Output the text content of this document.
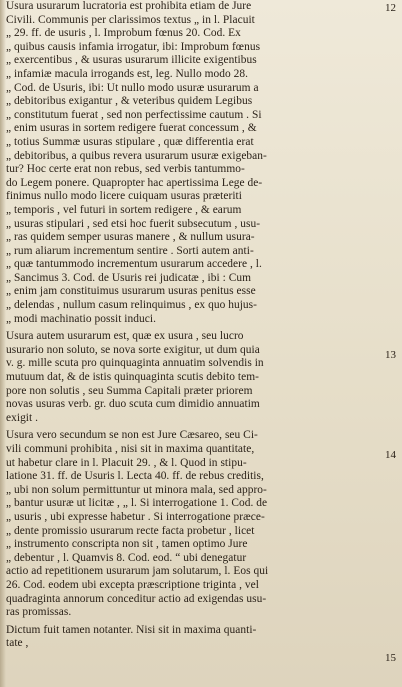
Usura usurarum lucratoria est prohibita etiam de Jure
Civili. Communis per clarissimos textus „ in l. Placuit
„ 29. ff. de usuris , l. Improbum fœnus 20. Cod. Ex
„ quibus causis infamia irrogatur, ibi: Improbum fœnus
„ exercentibus , & usuras usurarum illicite exigentibus
„ infamiæ macula irrogands est, leg. Nullo modo 28.
„ Cod. de Usuris, ibi: Ut nullo modo usuræ usurarum a
„ debitoribus exigantur , & veteribus quidem Legibus
„ constitutum fuerat , sed non perfectissime cautum . Si
„ enim usuras in sortem redigere fuerat concessum , &
„ totius Summæ usuras stipulare , quæ differentia erat
„ debitoribus, a quibus revera usurarum usuræ exigeban-
tur? Hoc certe erat non rebus, sed verbis tantummo-
do Legem ponere. Quapropter hac apertissima Lege de-
finimus nullo modo licere cuiquam usuras præteriti
„ temporis , vel futuri in sortem redigere , & earum
„ usuras stipulari , sed etsi hoc fuerit subsecutum , usu-
„ ras quidem semper usuras manere , & nullum usura-
„ rum aliarum incrementum sentire . Sorti autem anti-
„ quæ tantummodo incrementum usurarum accedere , l.
„ Sancimus 3. Cod. de Usuris rei judicatæ , ibi : Cum
„ enim jam constituimus usurarum usuras penitus esse
„ delendas , nullum casum relinquimus , ex quo hujus-
„ modi machinatio possit induci.
Usura autem usurarum est, quæ ex usura , seu lucro
usurario non soluto, se nova sorte exigitur, ut dum quia
v. g. mille scuta pro quinquaginta annuatim solvendis in
mutuum dat, & de istis quinquaginta scutis debito tem-
pore non solutis , seu Summa Capitali præter priorem
novas usuras verb. gr. duo scuta cum dimidio annuatim
exigit .
Usura vero secundum se non est Jure Cæsareo, seu Ci-
vili communi prohibita , nisi sit in maxima quantitate,
ut habetur clare in l. Placuit 29. , & l. Quod in stipu-
latione 31. ff. de Usuris l. Lecta 40. ff. de rebus creditis,
„ ubi non solum permittuntur ut minora mala, sed appro-
„ bantur usuræ ut licitæ , „ l. Si interrogatione 1. Cod. de
„ usuris , ubi expresse habetur . Si interrogatione præce-
„ dente promissio usurarum recte facta probetur , licet
„ instrumento conscripta non sit , tamen optimo Jure
„ debentur , l. Quamvis 8. Cod. eod. “ ubi denegatur
actio ad repetitionem usurarum jam solutarum, l. Eos qui
26. Cod. eodem ubi excepta præscriptione triginta , vel
quadraginta annorum conceditur actio ad exigendas usu-
ras promissas.
Dictum fuit tamen notanter. Nisi sit in maxima quanti-
tate ,
12
13
14
15
